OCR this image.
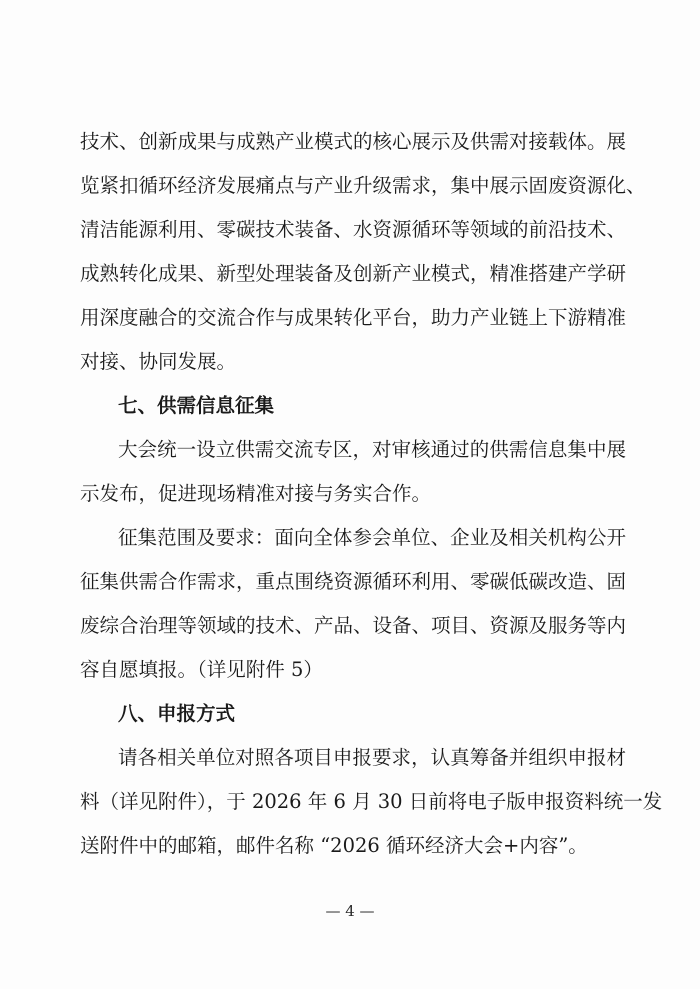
技术、创新成果与成熟产业模式的核心展示及供需对接载体。展
览紧扣循环经济发展痛点与产业升级需求，集中展示固废资源化、
清洁能源利用、零碳技术装备、水资源循环等领域的前沿技术、
成熟转化成果、新型处理装备及创新产业模式，精准搭建产学研
用深度融合的交流合作与成果转化平台，助力产业链上下游精准
对接、协同发展。
七、供需信息征集
大会统一设立供需交流专区，对审核通过的供需信息集中展
示发布，促进现场精准对接与务实合作。
征集范围及要求：面向全体参会单位、企业及相关机构公开
征集供需合作需求，重点围绕资源循环利用、零碳低碳改造、固
废综合治理等领域的技术、产品、设备、项目、资源及服务等内
容自愿填报。（详见附件 5）
八、申报方式
请各相关单位对照各项目申报要求，认真筹备并组织申报材
料（详见附件），于 2026 年 6 月 30 日前将电子版申报资料统一发
送附件中的邮箱，邮件名称 “2026 循环经济大会+内容”。
— 4 —
